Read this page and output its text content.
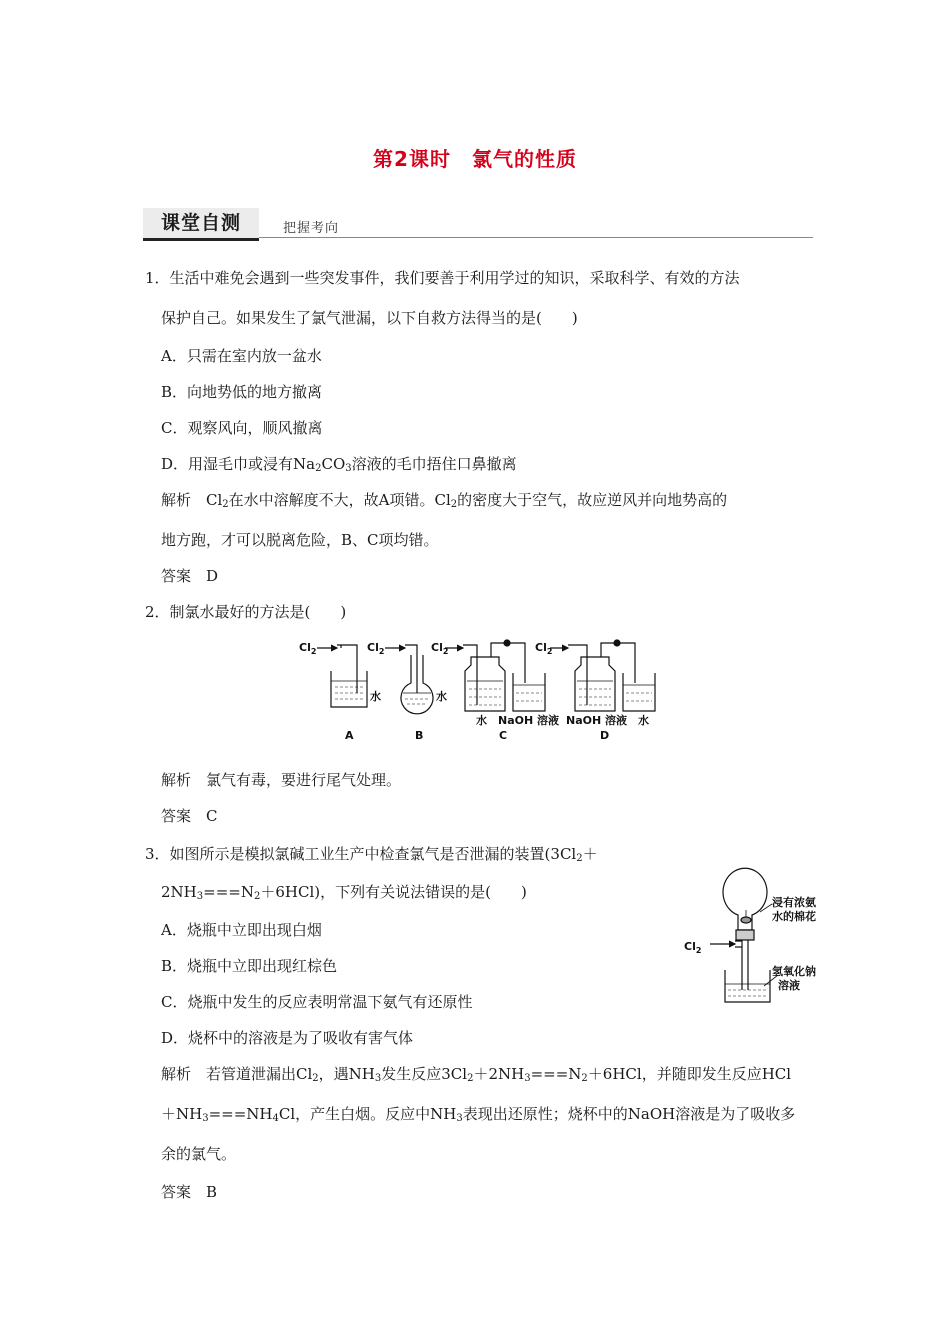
第2课时　氯气的性质
课堂自测	把握考向
1．生活中难免会遇到一些突发事件，我们要善于利用学过的知识，采取科学、有效的方法
保护自己。如果发生了氯气泄漏，以下自救方法得当的是(　　)
A．只需在室内放一盆水
B．向地势低的地方撤离
C．观察风向，顺风撤离
D．用湿毛巾或浸有$Na_2CO_3$溶液的毛巾捂住口鼻撤离
解析　$Cl_2$在水中溶解度不大，故A项错。$Cl_2$的密度大于空气，故应逆风并向地势高的
地方跑，才可以脱离危险，B、C项均错。
答案　D
2．制氯水最好的方法是(　　)
$Cl_2$	$Cl_2$	$Cl_2$	$Cl_2$
水	水
水 NaOH 溶液 NaOH 溶液 水
A	B	C	D
解析　氯气有毒，要进行尾气处理。
答案　C
3．如图所示是模拟氯碱工业生产中检查氯气是否泄漏的装置($3Cl_2+$
$2NH_3===N_2+6HCl$)，下列有关说法错误的是(　　)
A．烧瓶中立即出现白烟
B．烧瓶中立即出现红棕色
C．烧瓶中发生的反应表明常温下氨气有还原性
D．烧杯中的溶液是为了吸收有害气体
浸有浓氨
水的棉花
$Cl_2$
氢氧化钠
溶液
解析　若管道泄漏出$Cl_2$，遇$NH_3$发生反应$3Cl_2+2NH_3===N_2+6HCl$，并随即发生反应HCl
$+NH_3===NH_4Cl$，产生白烟。反应中$NH_3$表现出还原性；烧杯中的NaOH溶液是为了吸收多
余的氯气。
答案　B
